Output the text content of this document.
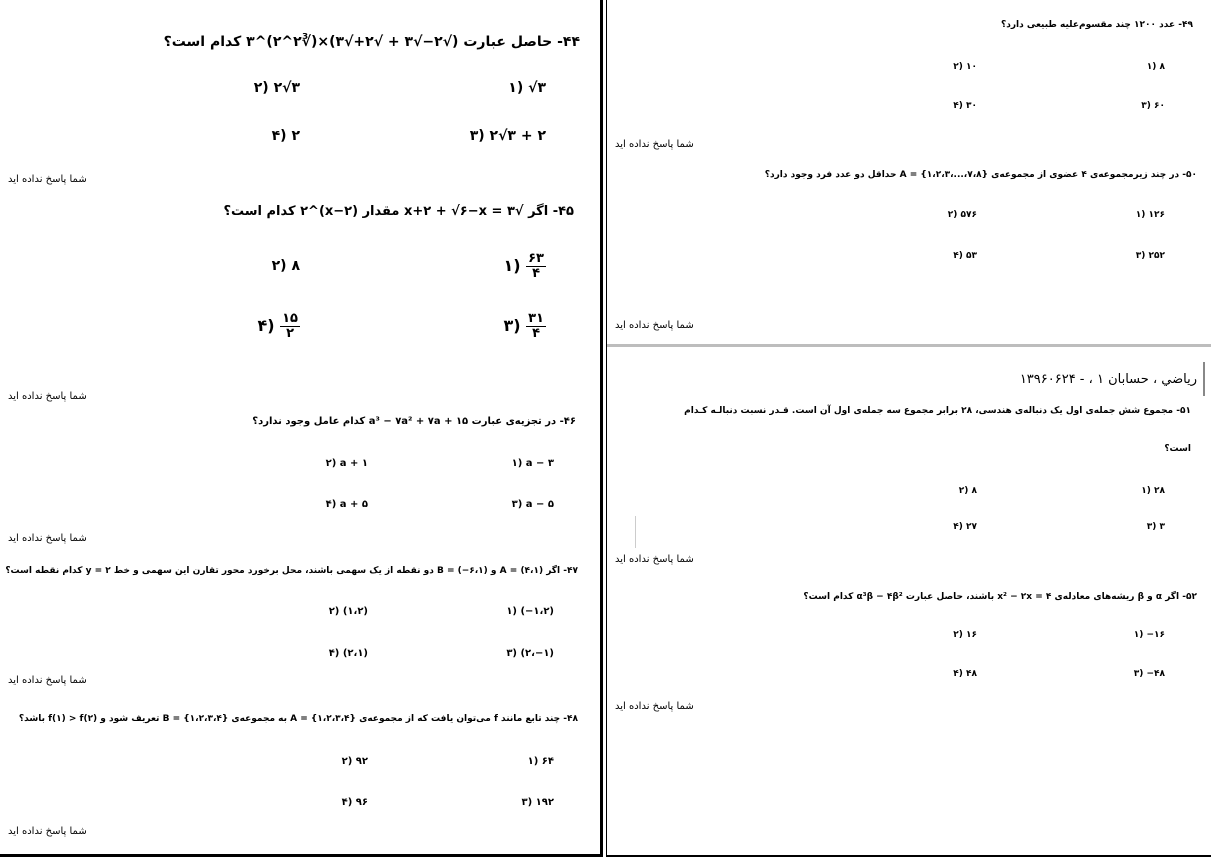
۴۴- حاصل عبارت (√۲−√۳ + √۲+√۳)×(∛۲^۲)^۳ کدام است؟
۱) √۳
۲) ۲√۳
۳) ۲√۳ + ۲
۴) ۲
شما پاسخ نداده اید
۴۵- اگر √x+۲ + √۶−x = ۳ مقدار (x−۲)^۲ کدام است؟
۱) $\frac{۶۳}{۴}$
۲) ۸
۳) $\frac{۳۱}{۴}$
۴) $\frac{۱۵}{۲}$
شما پاسخ نداده اید
۴۶- در تجزیه‌ی عبارت a³ − ۷a² + ۷a + ۱۵ کدام عامل وجود ندارد؟
۱) a − ۳
۲) a + ۱
۳) a − ۵
۴) a + ۵
شما پاسخ نداده اید
۴۷- اگر A = (۴،۱) و B = (−۶،۱) دو نقطه از یک سهمی باشند، محل برخورد محور تقارن این سهمی و خط y = ۲ کدام نقطه است؟
۱) (−۱،۲)
۲) (۱،۲)
۳) (۲،−۱)
۴) (۲،۱)
شما پاسخ نداده اید
۴۸- چند تابع مانند f می‌توان یافت که از مجموعه‌ی A = {۱،۲،۳،۴} به مجموعه‌ی B = {۱،۲،۳،۴} تعریف شود و f(۱) > f(۲) باشد؟
۱) ۶۴
۲) ۹۲
۳) ۱۹۲
۴) ۹۶
شما پاسخ نداده اید
۴۹- عدد ۱۲۰۰ چند مقسوم‌علیه طبیعی دارد؟
۱) ۸
۲) ۱۰
۳) ۶۰
۴) ۳۰
شما پاسخ نداده اید
۵۰- در چند زیرمجموعه‌ی ۴ عضوی از مجموعه‌ی A = {۱،۲،۳،...،۷،۸} حداقل دو عدد فرد وجود دارد؟
۱) ۱۲۶
۲) ۵۷۶
۳) ۲۵۲
۴) ۵۳
شما پاسخ نداده اید
رياضي ، حسابان ۱ ، - ۱۳۹۶۰۶۲۴
۵۱- مجموع شش جمله‌ی اول یک دنباله‌ی هندسی، ۲۸ برابر مجموع سه جمله‌ی اول آن است. قـدر نسبت دنبالـه کـدام
است؟
۱) ۲۸
۲) ۸
۳) ۳
۴) ۲۷
شما پاسخ نداده اید
۵۲- اگر α و β ریشه‌های معادله‌ی x² − ۲x = ۴ باشند، حاصل عبارت α³β − ۴β² کدام است؟
۱) −۱۶
۲) ۱۶
۳) −۴۸
۴) ۴۸
شما پاسخ نداده اید
